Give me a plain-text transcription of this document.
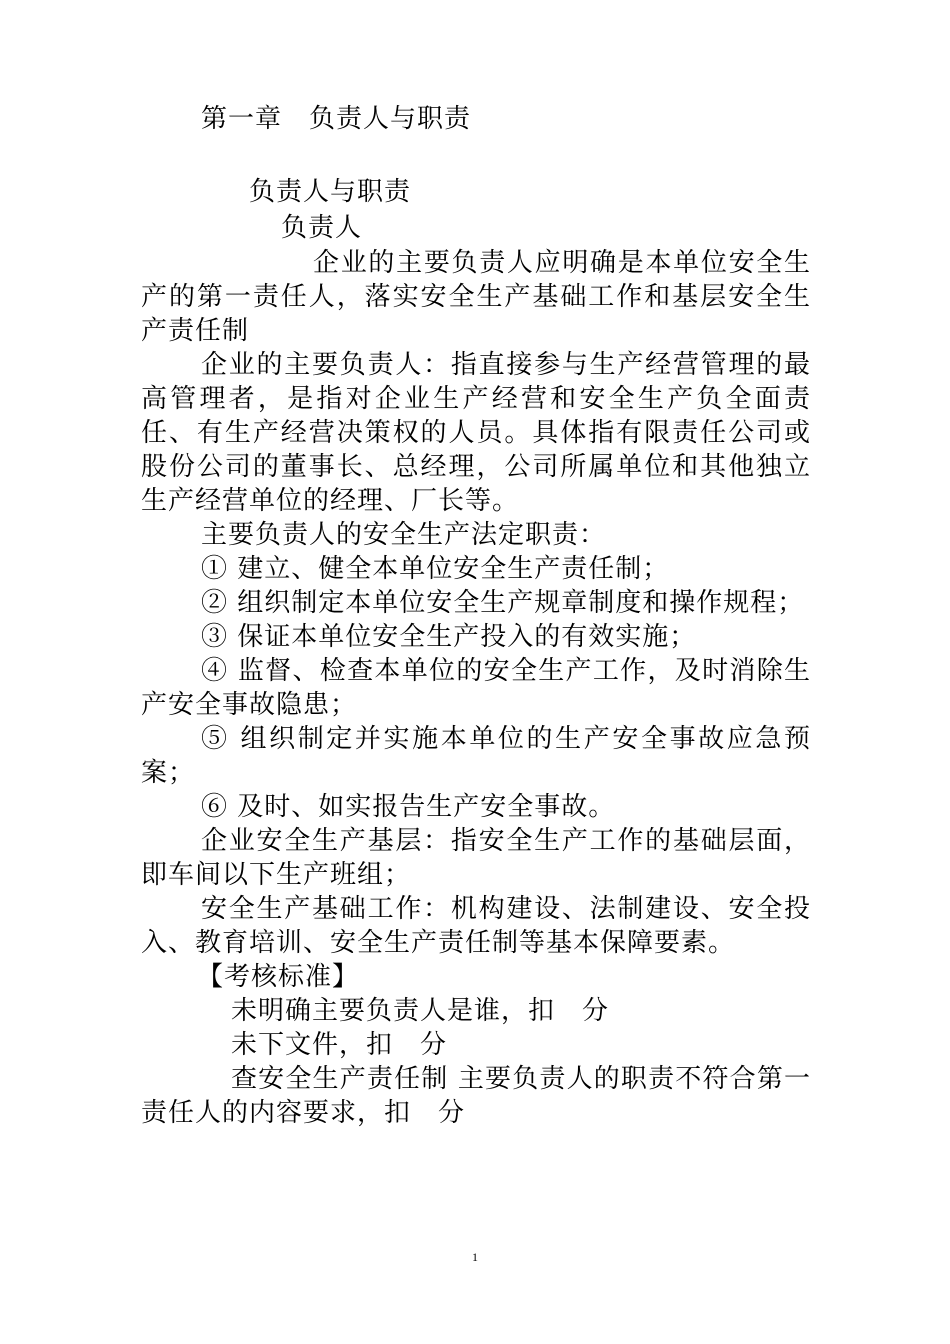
第一章　负责人与职责

负责人与职责

负责人

企业的主要负责人应明确是本单位安全生产的第一责任人，落实安全生产基础工作和基层安全生产责任制

企业的主要负责人：指直接参与生产经营管理的最高管理者，是指对企业生产经营和安全生产负全面责任、有生产经营决策权的人员。具体指有限责任公司或股份公司的董事长、总经理，公司所属单位和其他独立生产经营单位的经理、厂长等。

主要负责人的安全生产法定职责：

① 建立、健全本单位安全生产责任制；

② 组织制定本单位安全生产规章制度和操作规程；

③ 保证本单位安全生产投入的有效实施；

④ 监督、检查本单位的安全生产工作，及时消除生产安全事故隐患；

⑤ 组织制定并实施本单位的生产安全事故应急预案；

⑥ 及时、如实报告生产安全事故。

企业安全生产基层：指安全生产工作的基础层面，即车间以下生产班组；

安全生产基础工作：机构建设、法制建设、安全投入、教育培训、安全生产责任制等基本保障要素。

【考核标准】

未明确主要负责人是谁，扣　分

未下文件，扣　分

查安全生产责任制 主要负责人的职责不符合第一责任人的内容要求，扣　分

1
